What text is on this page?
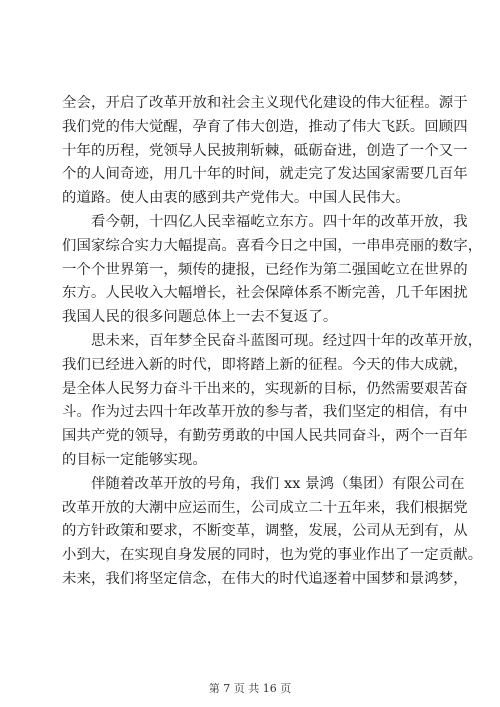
全会，开启了改革开放和社会主义现代化建设的伟大征程。源于
我们党的伟大觉醒，孕育了伟大创造，推动了伟大飞跃。回顾四
十年的历程，党领导人民披荆斩棘，砥砺奋进，创造了一个又一
个的人间奇迹，用几十年的时间，就走完了发达国家需要几百年
的道路。使人由衷的感到共产党伟大。中国人民伟大。
看今朝，十四亿人民幸福屹立东方。四十年的改革开放，我
们国家综合实力大幅提高。喜看今日之中国，一串串亮丽的数字，
一个个世界第一，频传的捷报，已经作为第二强国屹立在世界的
东方。人民收入大幅增长，社会保障体系不断完善，几千年困扰
我国人民的很多问题总体上一去不复返了。
思未来，百年梦全民奋斗蓝图可现。经过四十年的改革开放，
我们已经进入新的时代，即将踏上新的征程。今天的伟大成就，
是全体人民努力奋斗干出来的，实现新的目标，仍然需要艰苦奋
斗。作为过去四十年改革开放的参与者，我们坚定的相信，有中
国共产党的领导，有勤劳勇敢的中国人民共同奋斗，两个一百年
的目标一定能够实现。
伴随着改革开放的号角，我们 xx 景鸿（集团）有限公司在
改革开放的大潮中应运而生，公司成立二十五年来，我们根据党
的方针政策和要求，不断变革，调整，发展，公司从无到有，从
小到大，在实现自身发展的同时，也为党的事业作出了一定贡献。
未来，我们将坚定信念，在伟大的时代追逐着中国梦和景鸿梦，
第 7 页 共 16 页
